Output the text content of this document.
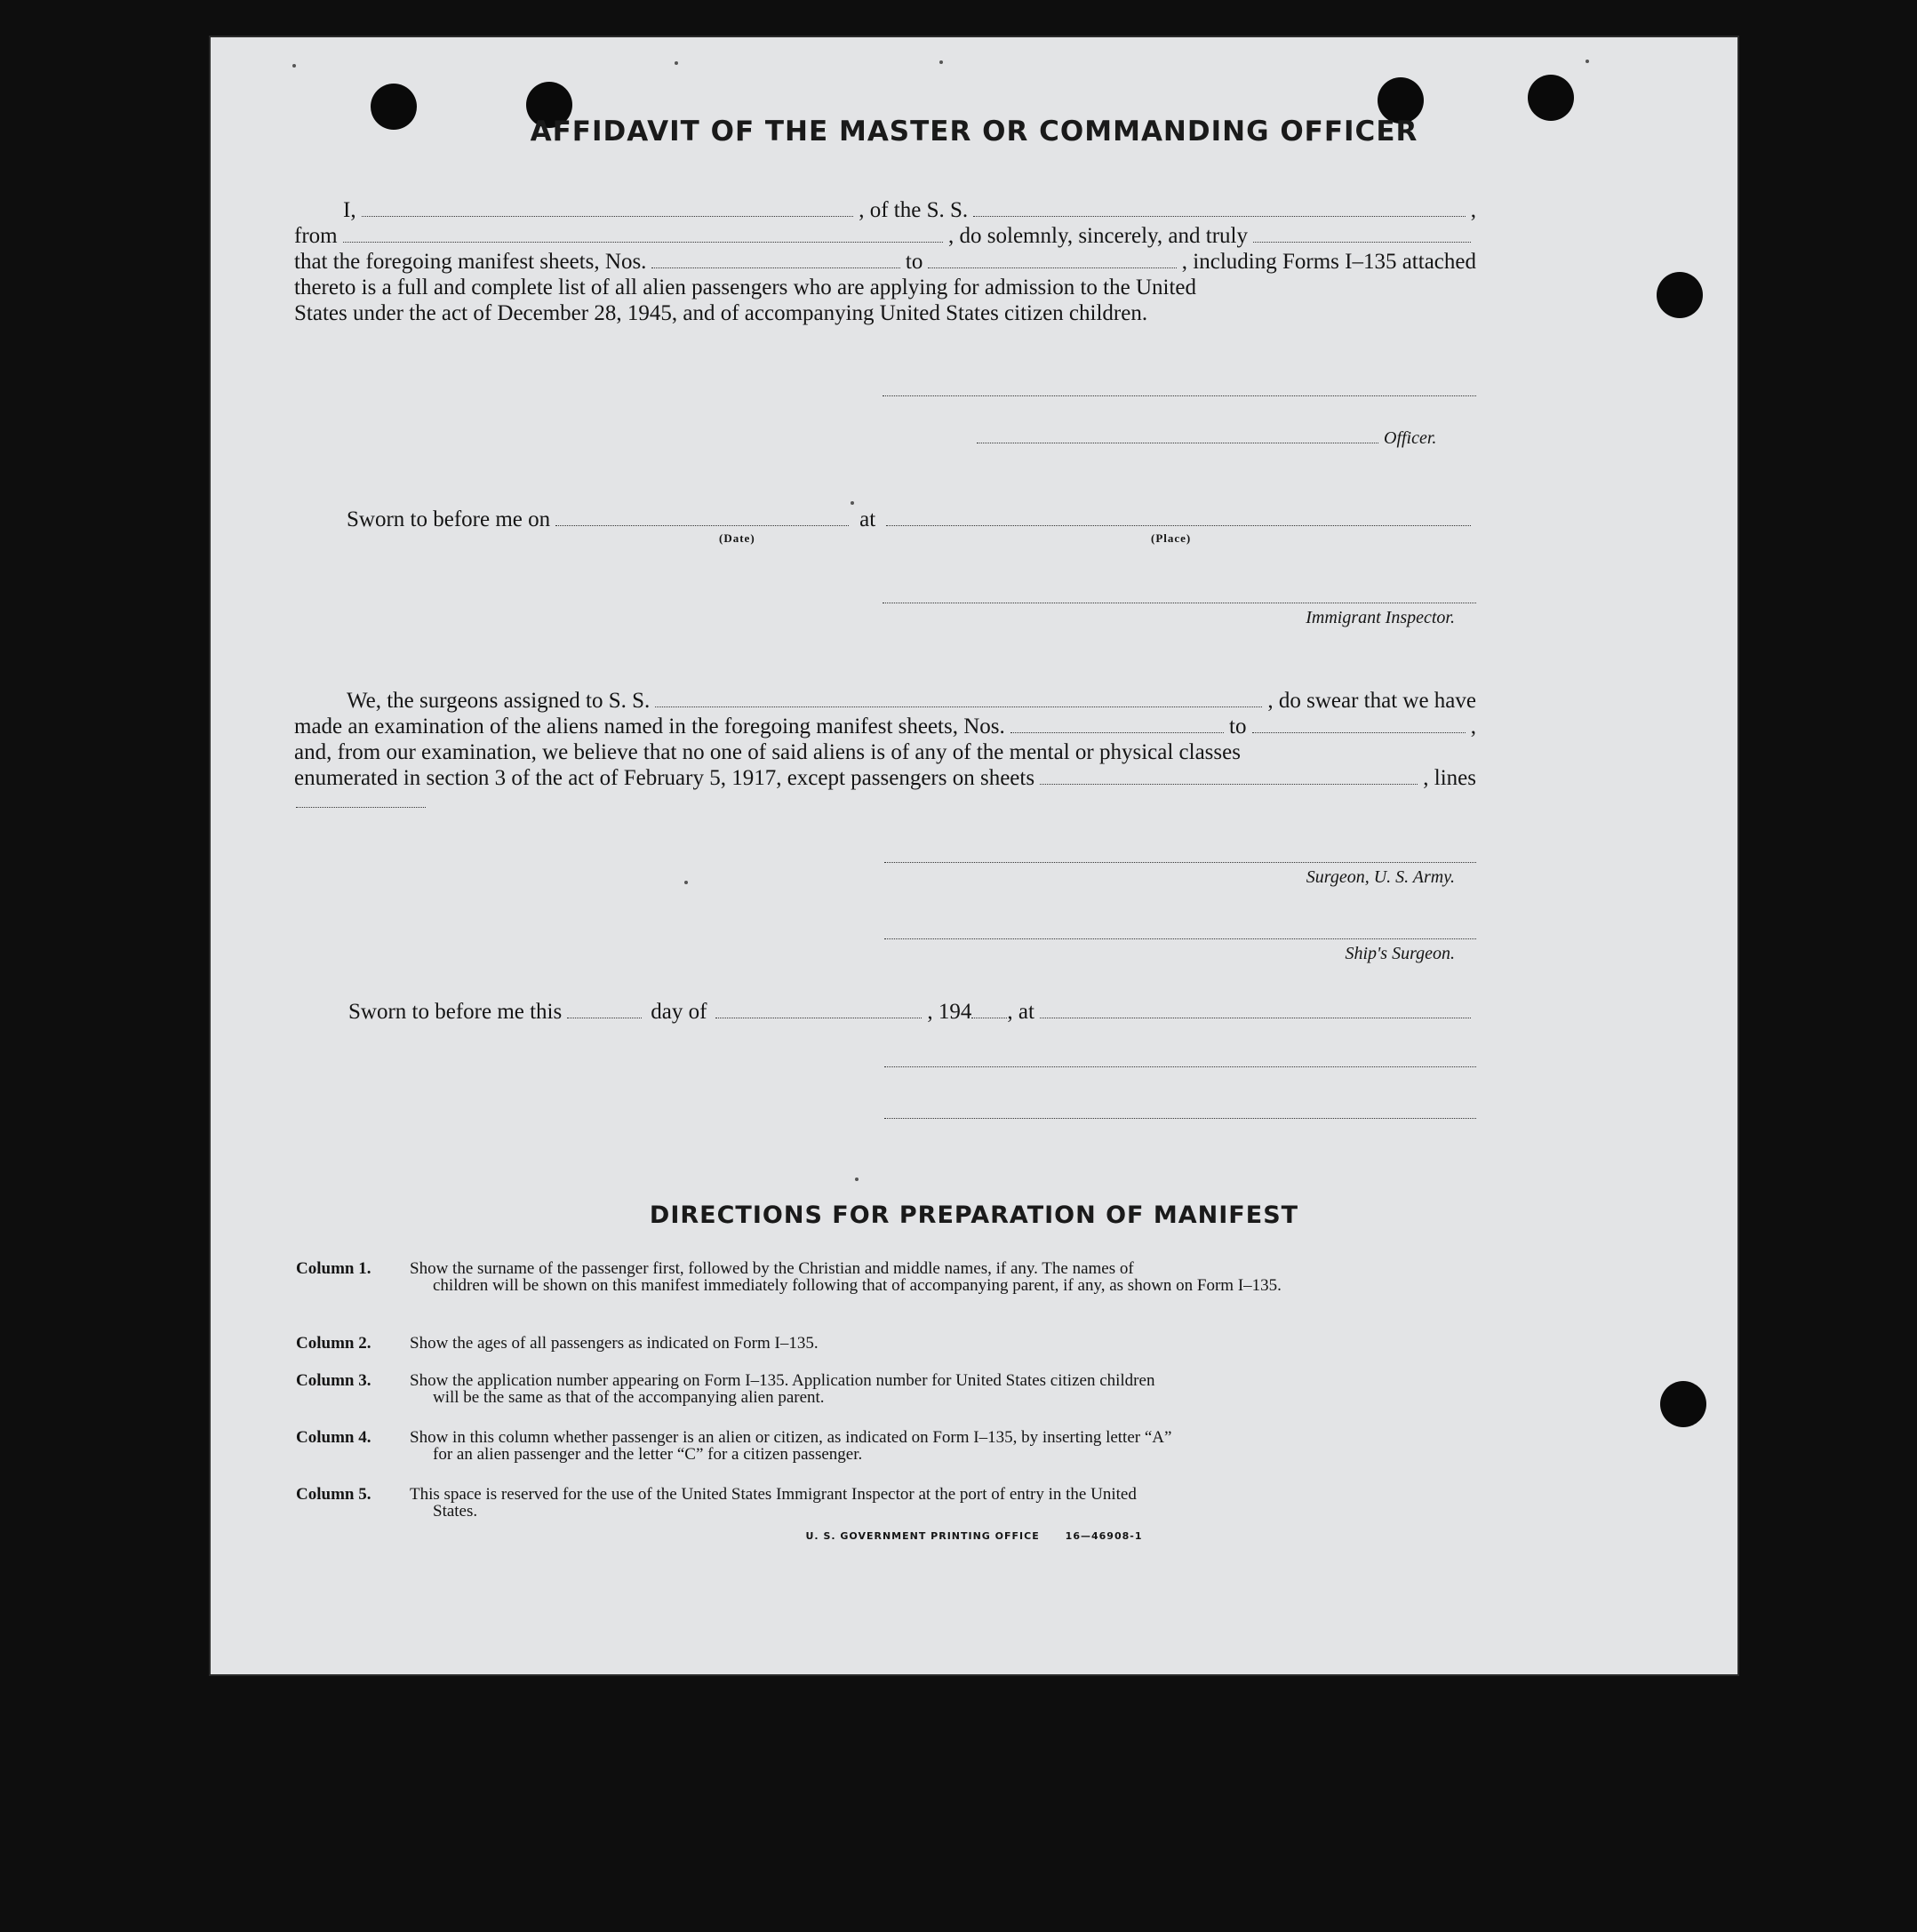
AFFIDAVIT OF THE MASTER OR COMMANDING OFFICER
I,	, of the S. S.	,
from	, do solemnly, sincerely, and truly
that the foregoing manifest sheets, Nos.	to	, including Forms I–135 attached
thereto is a full and complete list of all alien passengers who are applying for admission to the United
States under the act of December 28, 1945, and of accompanying United States citizen children.
Officer.
Sworn to before me on	at
(Date)	(Place)
Immigrant Inspector.
We, the surgeons assigned to S. S.	, do swear that we have
made an examination of the aliens named in the foregoing manifest sheets, Nos.	to	,
and, from our examination, we believe that no one of said aliens is of any of the mental or physical classes
enumerated in section 3 of the act of February 5, 1917, except passengers on sheets	, lines
Surgeon, U. S. Army.
Ship's Surgeon.
Sworn to before me this	day of	, 194 , at
DIRECTIONS FOR PREPARATION OF MANIFEST
Column 1. Show the surname of the passenger first, followed by the Christian and middle names, if any. The names of
children will be shown on this manifest immediately following that of accompanying parent, if any, as shown on Form I–135.
Column 2. Show the ages of all passengers as indicated on Form I–135.
Column 3. Show the application number appearing on Form I–135. Application number for United States citizen children
will be the same as that of the accompanying alien parent.
Column 4. Show in this column whether passenger is an alien or citizen, as indicated on Form I–135, by inserting letter “A”
for an alien passenger and the letter “C” for a citizen passenger.
Column 5. This space is reserved for the use of the United States Immigrant Inspector at the port of entry in the United
States.
U. S. GOVERNMENT PRINTING OFFICE      16—46908-1
